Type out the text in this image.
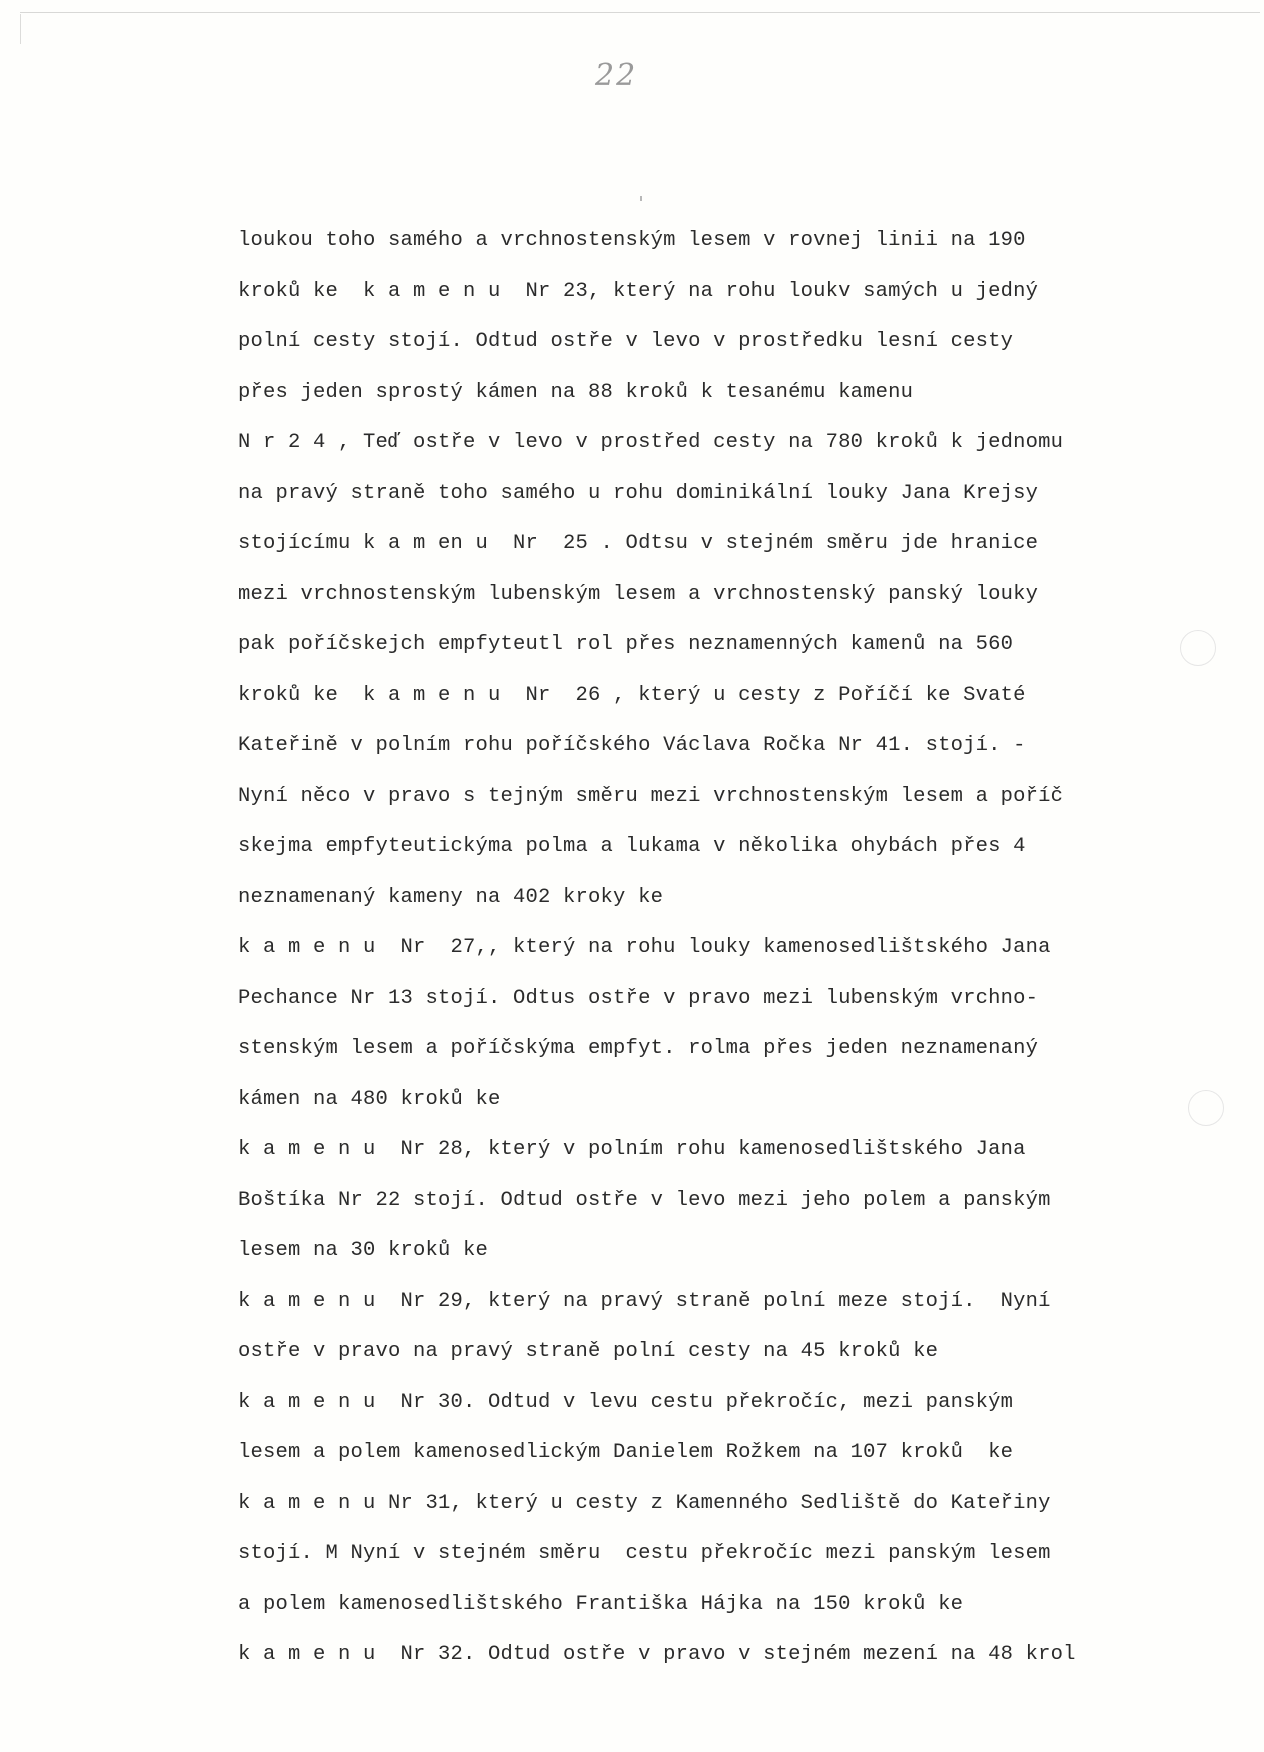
22
loukou toho samého a vrchnostenským lesem v rovnej linii na 190
kroků ke  k a m e n u  Nr 23, který na rohu loukv samých u jedný
polní cesty stojí. Odtud ostře v levo v prostředku lesní cesty
přes jeden sprostý kámen na 88 kroků k tesanému kamenu
N r 2 4 , Teď ostře v levo v prostřed cesty na 780 kroků k jednomu
na pravý straně toho samého u rohu dominikální louky Jana Krejsy
stojícímu k a m en u  Nr  25 . Odtsu v stejném směru jde hranice
mezi vrchnostenským lubenským lesem a vrchnostenský panský louky
pak poříčskejch empfyteutl rol přes neznamenných kamenů na 560
kroků ke  k a m e n u  Nr  26 , který u cesty z Poříčí ke Svaté
Kateřině v polním rohu poříčského Václava Ročka Nr 41. stojí. -
Nyní něco v pravo s tejným směru mezi vrchnostenským lesem a poříč
skejma empfyteutickýma polma a lukama v několika ohybách přes 4
neznamenaný kameny na 402 kroky ke
k a m e n u  Nr  27,, který na rohu louky kamenosedlištského Jana
Pechance Nr 13 stojí. Odtus ostře v pravo mezi lubenským vrchno-
stenským lesem a poříčskýma empfyt. rolma přes jeden neznamenaný
kámen na 480 kroků ke
k a m e n u  Nr 28, který v polním rohu kamenosedlištského Jana
Boštíka Nr 22 stojí. Odtud ostře v levo mezi jeho polem a panským
lesem na 30 kroků ke
k a m e n u  Nr 29, který na pravý straně polní meze stojí.  Nyní
ostře v pravo na pravý straně polní cesty na 45 kroků ke
k a m e n u  Nr 30. Odtud v levu cestu překročíc, mezi panským
lesem a polem kamenosedlickým Danielem Rožkem na 107 kroků  ke
k a m e n u Nr 31, který u cesty z Kamenného Sedliště do Kateřiny
stojí. M Nyní v stejném směru  cestu překročíc mezi panským lesem
a polem kamenosedlištského Františka Hájka na 150 kroků ke
k a m e n u  Nr 32. Odtud ostře v pravo v stejném mezení na 48 krol
